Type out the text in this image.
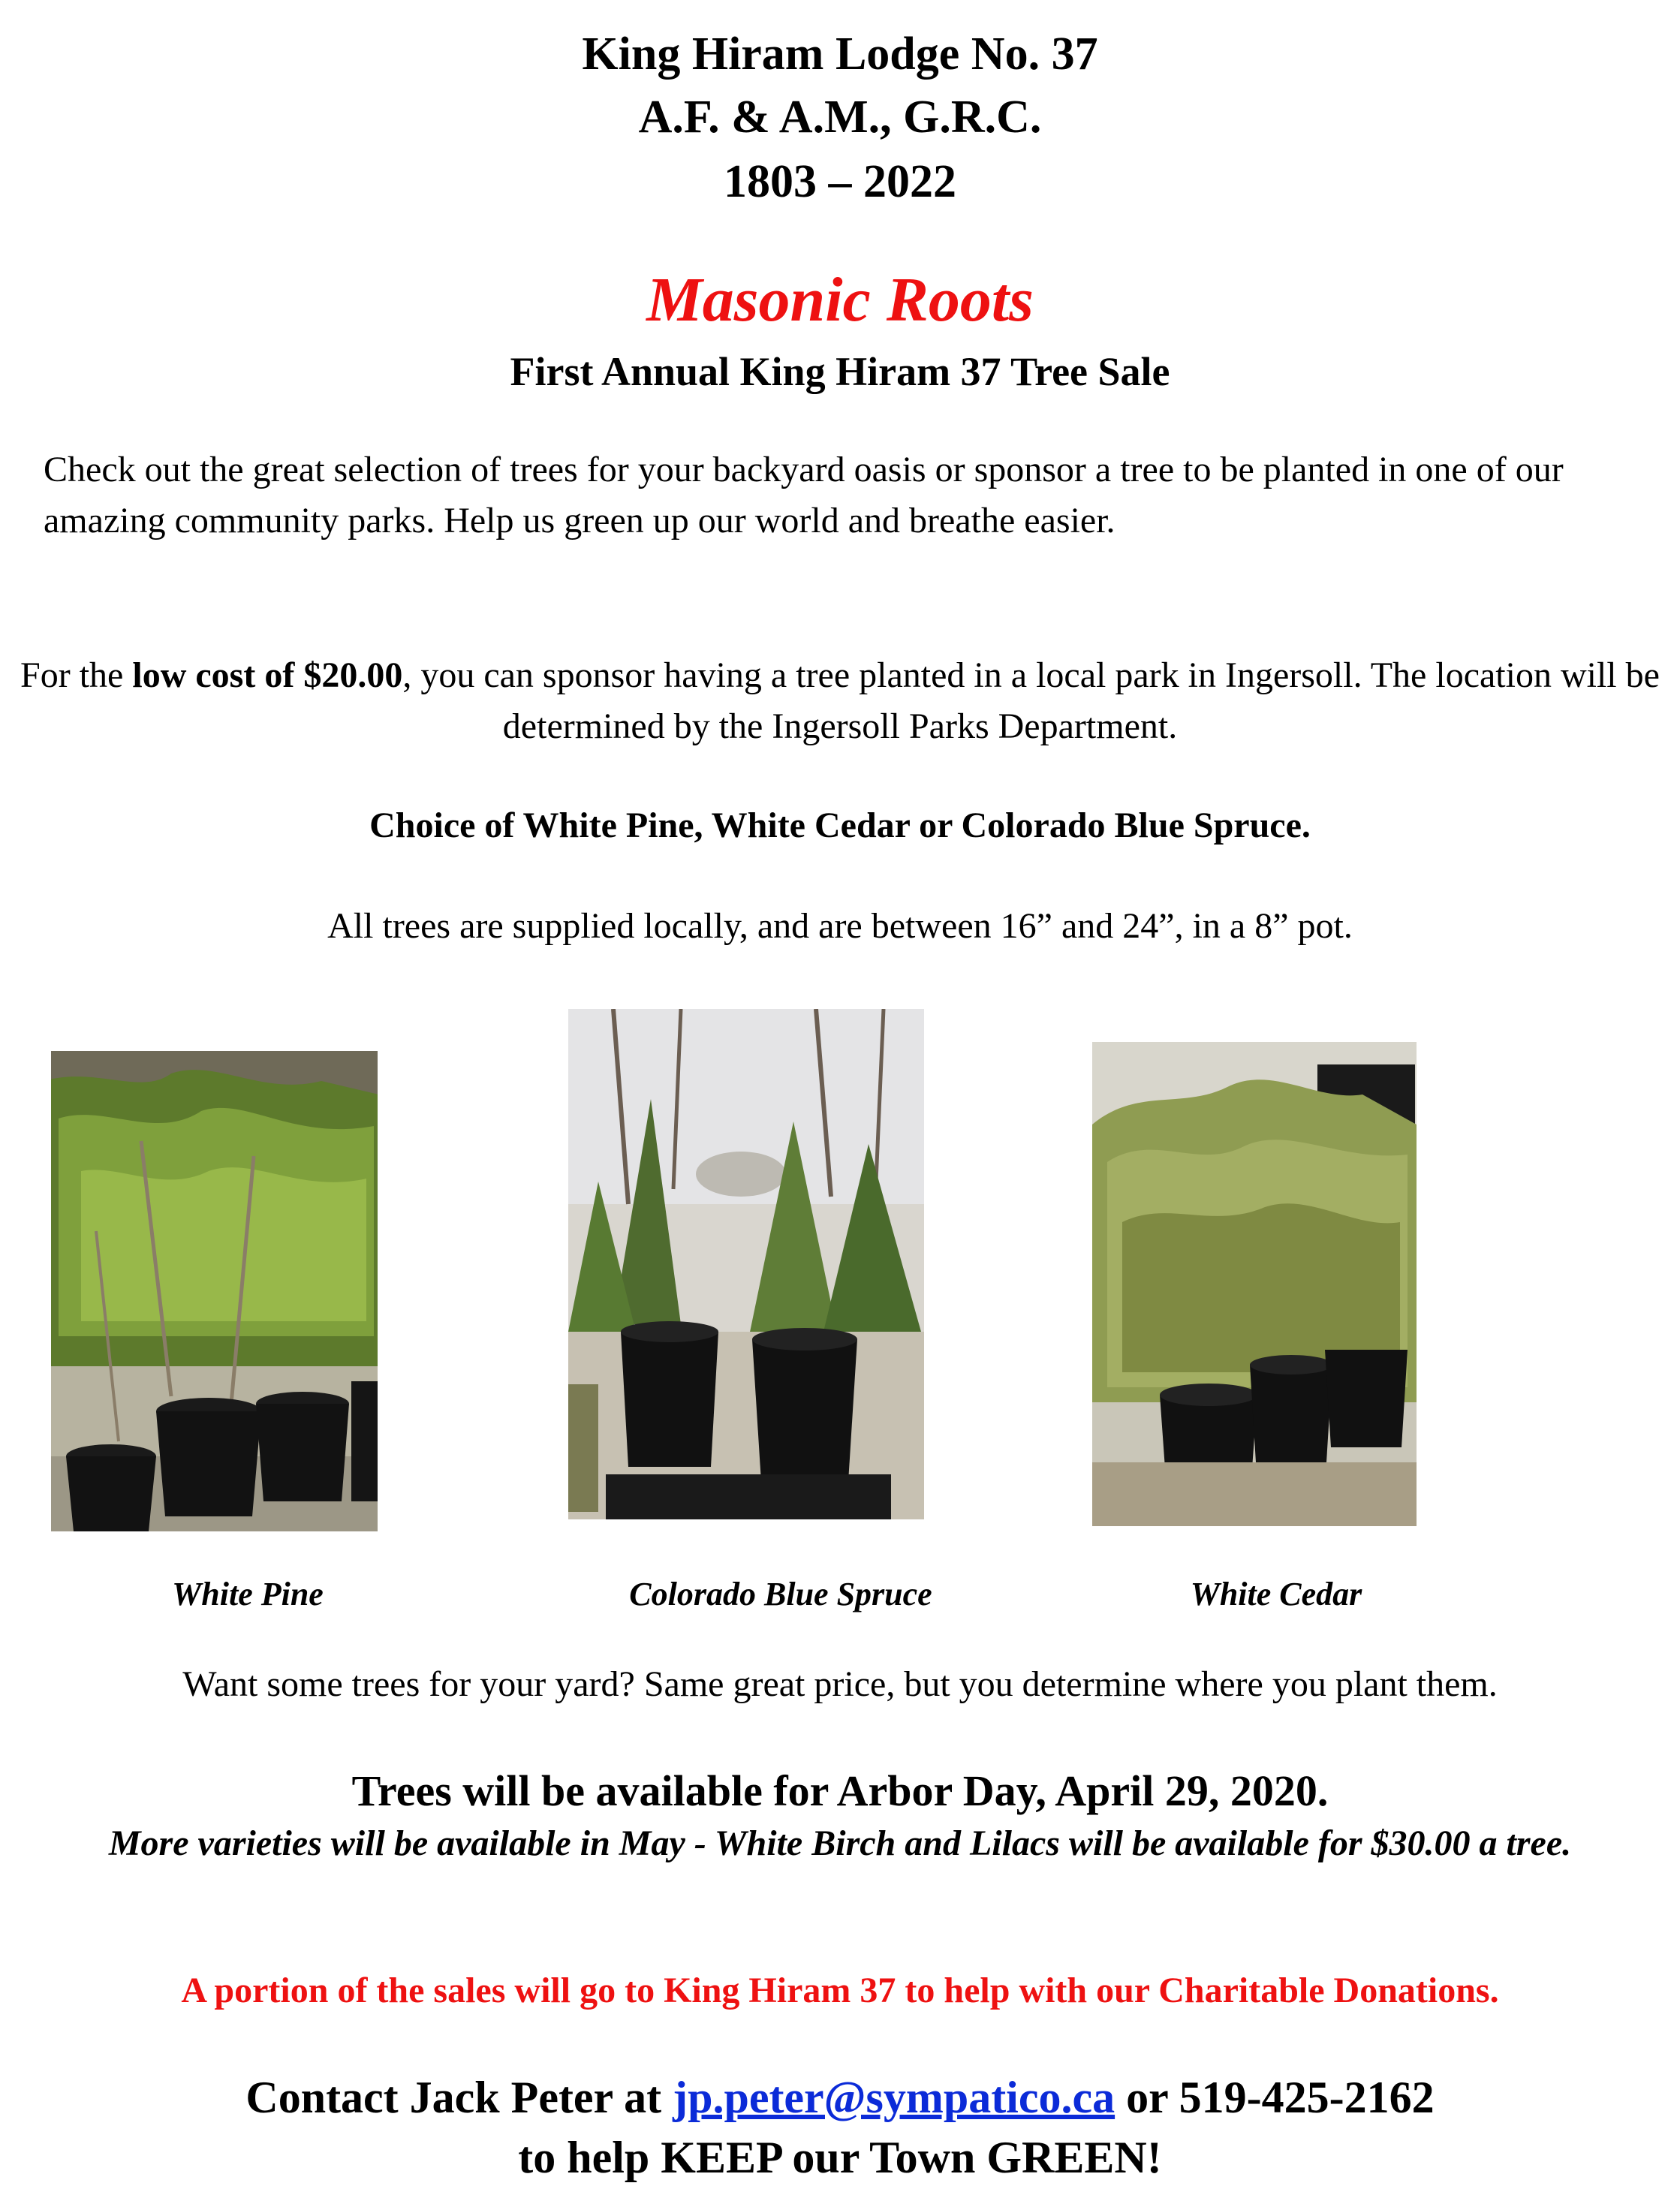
King Hiram Lodge No. 37
A.F. & A.M., G.R.C.
1803 – 2022
Masonic Roots
First Annual King Hiram 37 Tree Sale
Check out the great selection of trees for your backyard oasis or sponsor a tree to be planted in one of our amazing community parks. Help us green up our world and breathe easier.
For the low cost of $20.00, you can sponsor having a tree planted in a local park in Ingersoll. The location will be determined by the Ingersoll Parks Department.
Choice of White Pine, White Cedar or Colorado Blue Spruce.
All trees are supplied locally, and are between 16” and 24”, in a 8” pot.
White Pine	Colorado Blue Spruce	White Cedar
Want some trees for your yard? Same great price, but you determine where you plant them.
Trees will be available for Arbor Day, April 29, 2020.
More varieties will be available in May - White Birch and Lilacs will be available for $30.00 a tree.
A portion of the sales will go to King Hiram 37 to help with our Charitable Donations.
Contact Jack Peter at jp.peter@sympatico.ca or 519-425-2162
to help KEEP our Town GREEN!
